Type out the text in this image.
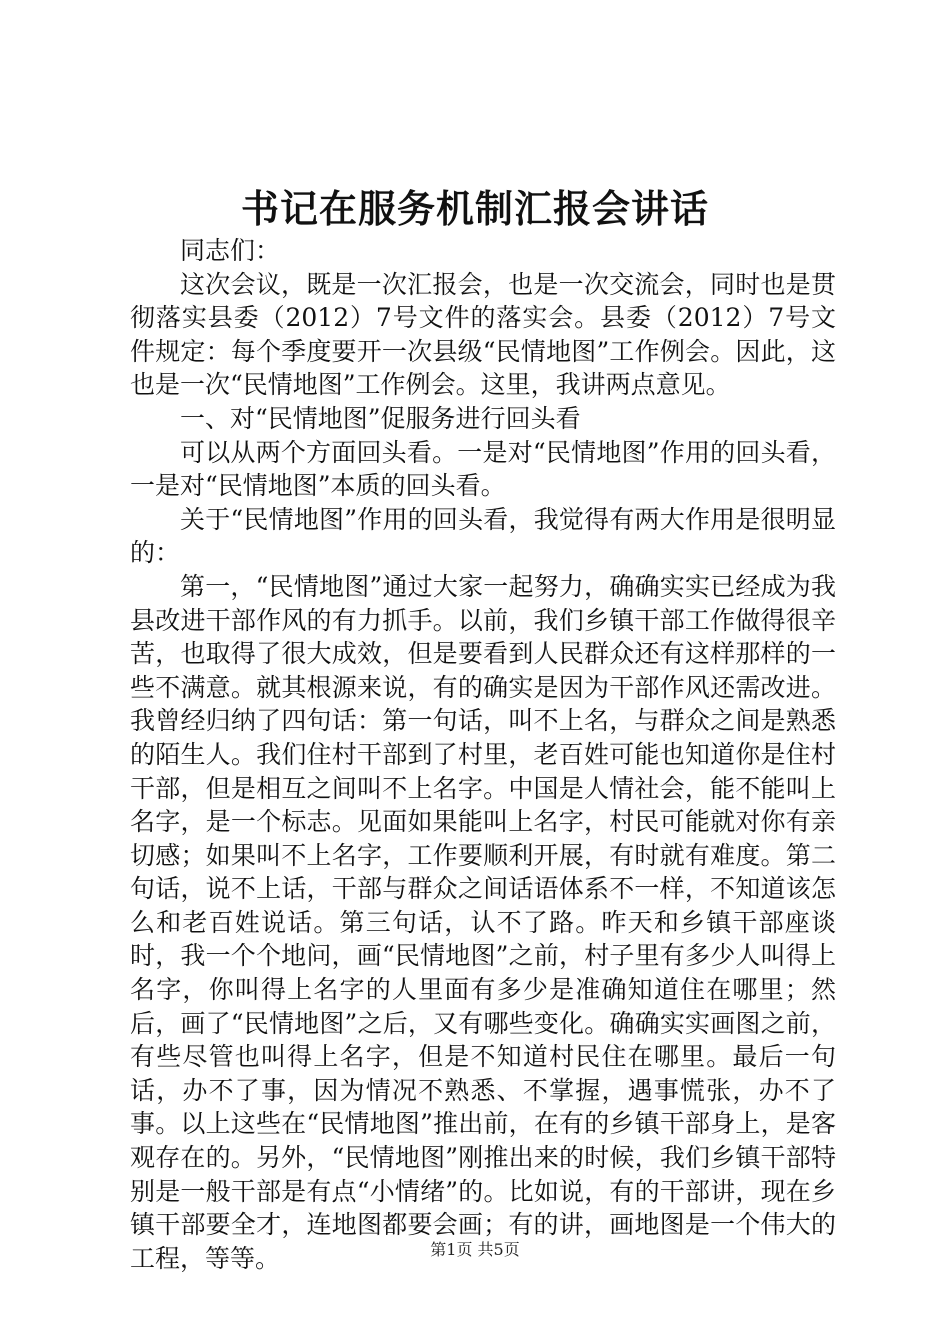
书记在服务机制汇报会讲话

同志们：

这次会议，既是一次汇报会，也是一次交流会，同时也是贯彻落实县委（2012）7号文件的落实会。县委（2012）7号文件规定：每个季度要开一次县级“民情地图”工作例会。因此，这也是一次“民情地图”工作例会。这里，我讲两点意见。

一、对“民情地图”促服务进行回头看

可以从两个方面回头看。一是对“民情地图”作用的回头看，一是对“民情地图”本质的回头看。

关于“民情地图”作用的回头看，我觉得有两大作用是很明显的：

第一，“民情地图”通过大家一起努力，确确实实已经成为我县改进干部作风的有力抓手。以前，我们乡镇干部工作做得很辛苦，也取得了很大成效，但是要看到人民群众还有这样那样的一些不满意。就其根源来说，有的确实是因为干部作风还需改进。我曾经归纳了四句话：第一句话，叫不上名，与群众之间是熟悉的陌生人。我们住村干部到了村里，老百姓可能也知道你是住村干部，但是相互之间叫不上名字。中国是人情社会，能不能叫上名字，是一个标志。见面如果能叫上名字，村民可能就对你有亲切感；如果叫不上名字，工作要顺利开展，有时就有难度。第二句话，说不上话，干部与群众之间话语体系不一样，不知道该怎么和老百姓说话。第三句话，认不了路。昨天和乡镇干部座谈时，我一个个地问，画“民情地图”之前，村子里有多少人叫得上名字，你叫得上名字的人里面有多少是准确知道住在哪里；然后，画了“民情地图”之后，又有哪些变化。确确实实画图之前，有些尽管也叫得上名字，但是不知道村民住在哪里。最后一句话，办不了事，因为情况不熟悉、不掌握，遇事慌张，办不了事。以上这些在“民情地图”推出前，在有的乡镇干部身上，是客观存在的。另外，“民情地图”刚推出来的时候，我们乡镇干部特别是一般干部是有点“小情绪”的。比如说，有的干部讲，现在乡镇干部要全才，连地图都要会画；有的讲，画地图是一个伟大的工程，等等。	第1页 共5页
